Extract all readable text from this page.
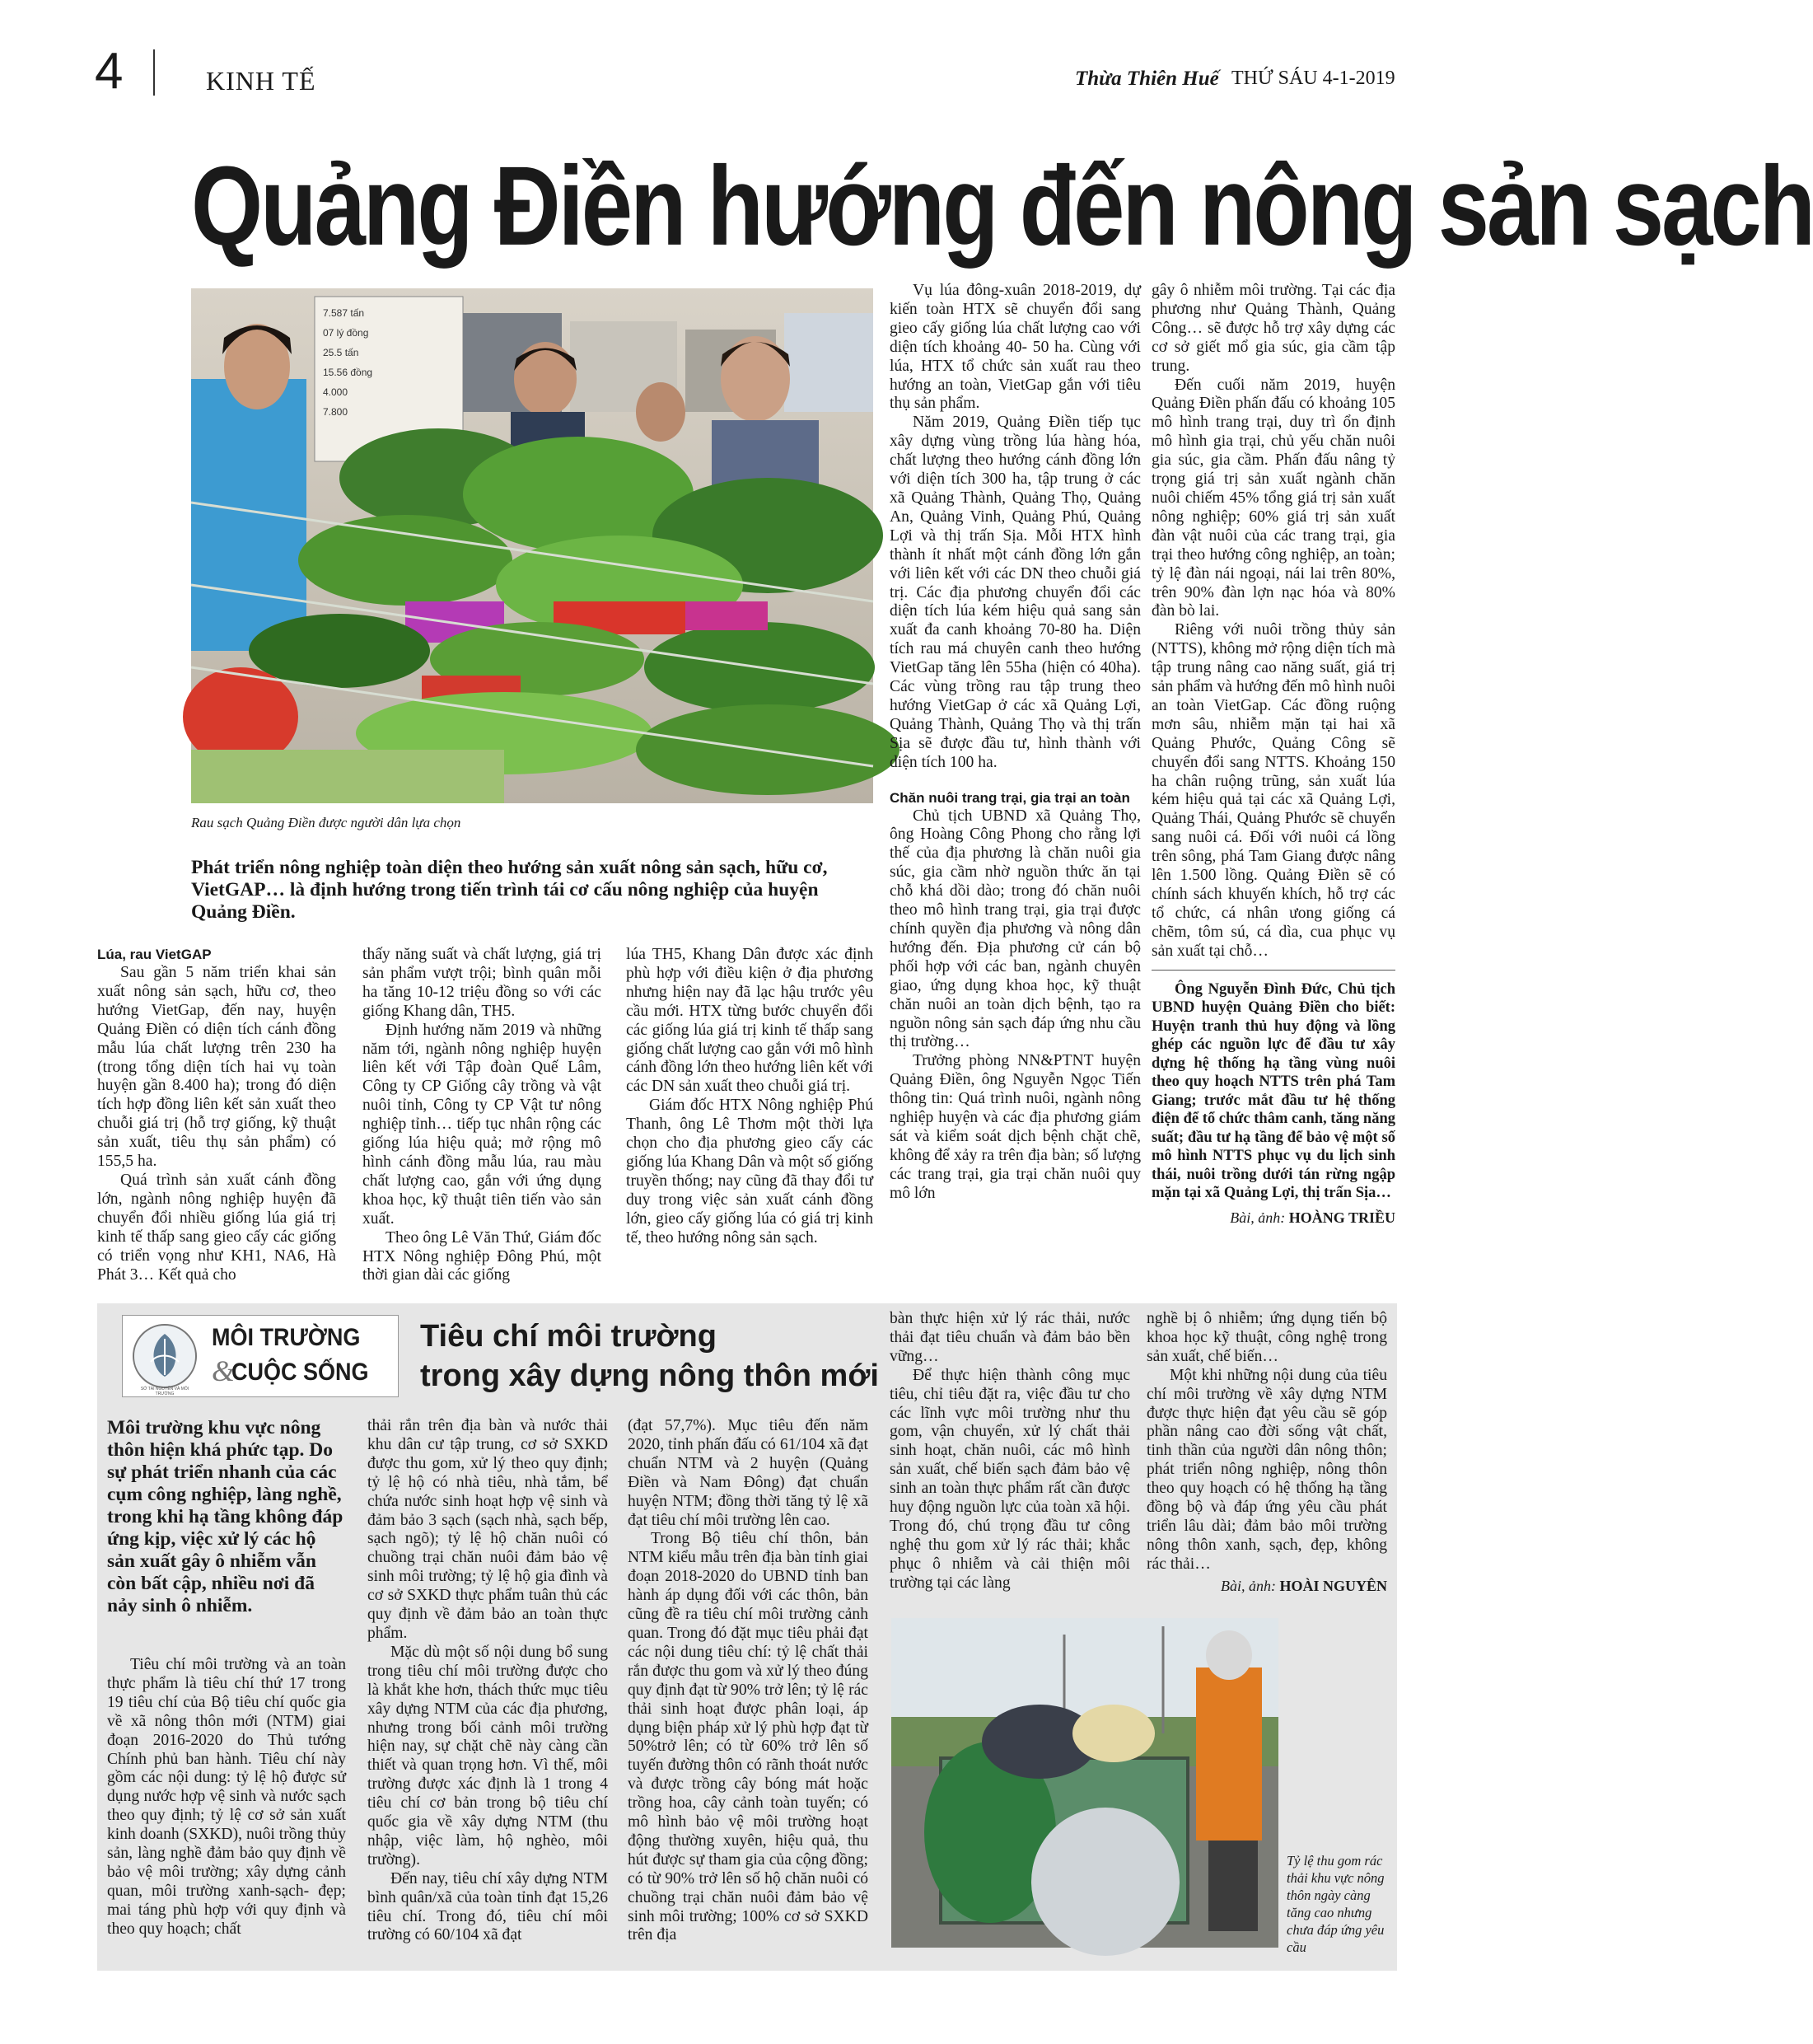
4	KINH TẾ	Thừa Thiên Huế THỨ SÁU 4-1-2019
Quảng Điền hướng đến nông sản sạch
7.587 tấn
07 lý đồng
25.5 tấn
15.56 đồng
4.000
7.800
Rau sạch Quảng Điền được người dân lựa chọn
Phát triển nông nghiệp toàn diện theo hướng sản xuất nông sản sạch, hữu cơ, VietGAP… là định hướng trong tiến trình tái cơ cấu nông nghiệp của huyện Quảng Điền.
Lúa, rau VietGAP

Sau gần 5 năm triển khai sản xuất nông sản sạch, hữu cơ, theo hướng VietGap, đến nay, huyện Quảng Điền có diện tích cánh đồng mẫu lúa chất lượng trên 230 ha (trong tổng diện tích hai vụ toàn huyện gần 8.400 ha); trong đó diện tích hợp đồng liên kết sản xuất theo chuỗi giá trị (hỗ trợ giống, kỹ thuật sản xuất, tiêu thụ sản phẩm) có 155,5 ha.

Quá trình sản xuất cánh đồng lớn, ngành nông nghiệp huyện đã chuyển đổi nhiều giống lúa giá trị kinh tế thấp sang gieo cấy các giống có triển vọng như KH1, NA6, Hà Phát 3… Kết quả cho

thấy năng suất và chất lượng, giá trị sản phẩm vượt trội; bình quân mỗi ha tăng 10-12 triệu đồng so với các giống Khang dân, TH5.

Định hướng năm 2019 và những năm tới, ngành nông nghiệp huyện liên kết với Tập đoàn Quế Lâm, Công ty CP Giống cây trồng và vật nuôi tỉnh, Công ty CP Vật tư nông nghiệp tỉnh… tiếp tục nhân rộng các giống lúa hiệu quả; mở rộng mô hình cánh đồng mẫu lúa, rau màu chất lượng cao, gắn với ứng dụng khoa học, kỹ thuật tiên tiến vào sản xuất.

Theo ông Lê Văn Thứ, Giám đốc HTX Nông nghiệp Đông Phú, một thời gian dài các giống

lúa TH5, Khang Dân được xác định phù hợp với điều kiện ở địa phương nhưng hiện nay đã lạc hậu trước yêu cầu mới. HTX từng bước chuyển đổi các giống lúa giá trị kinh tế thấp sang giống chất lượng cao gắn với mô hình cánh đồng lớn theo hướng liên kết với các DN sản xuất theo chuỗi giá trị.

Giám đốc HTX Nông nghiệp Phú Thanh, ông Lê Thơm một thời lựa chọn cho địa phương gieo cấy các giống lúa Khang Dân và một số giống truyền thống; nay cũng đã thay đổi tư duy trong việc sản xuất cánh đồng lớn, gieo cấy giống lúa có giá trị kinh tế, theo hướng nông sản sạch.

Vụ lúa đông-xuân 2018-2019, dự kiến toàn HTX sẽ chuyển đổi sang gieo cấy giống lúa chất lượng cao với diện tích khoảng 40- 50 ha. Cùng với lúa, HTX tổ chức sản xuất rau theo hướng an toàn, VietGap gắn với tiêu thụ sản phẩm.

Năm 2019, Quảng Điền tiếp tục xây dựng vùng trồng lúa hàng hóa, chất lượng theo hướng cánh đồng lớn với diện tích 300 ha, tập trung ở các xã Quảng Thành, Quảng Thọ, Quảng An, Quảng Vinh, Quảng Phú, Quảng Lợi và thị trấn Sịa. Mỗi HTX hình thành ít nhất một cánh đồng lớn gắn với liên kết với các DN theo chuỗi giá trị. Các địa phương chuyển đổi các diện tích lúa kém hiệu quả sang sản xuất đa canh khoảng 70-80 ha. Diện tích rau má chuyên canh theo hướng VietGap tăng lên 55ha (hiện có 40ha). Các vùng trồng rau tập trung theo hướng VietGap ở các xã Quảng Lợi, Quảng Thành, Quảng Thọ và thị trấn Sịa sẽ được đầu tư, hình thành với diện tích 100 ha.

Chăn nuôi trang trại, gia trại an toàn

Chủ tịch UBND xã Quảng Thọ, ông Hoàng Công Phong cho rằng lợi thế của địa phương là chăn nuôi gia súc, gia cầm nhờ nguồn thức ăn tại chỗ khá dồi dào; trong đó chăn nuôi theo mô hình trang trại, gia trại được chính quyền địa phương và nông dân hướng đến. Địa phương cử cán bộ phối hợp với các ban, ngành chuyên giao, ứng dụng khoa học, kỹ thuật chăn nuôi an toàn dịch bệnh, tạo ra nguồn nông sản sạch đáp ứng nhu cầu thị trường…

Trưởng phòng NN&PTNT huyện Quảng Điền, ông Nguyễn Ngọc Tiến thông tin: Quá trình nuôi, ngành nông nghiệp huyện và các địa phương giám sát và kiểm soát dịch bệnh chặt chẽ, không để xảy ra trên địa bàn; số lượng các trang trại, gia trại chăn nuôi quy mô lớn

gây ô nhiễm môi trường. Tại các địa phương như Quảng Thành, Quảng Công… sẽ được hỗ trợ xây dựng các cơ sở giết mổ gia súc, gia cầm tập trung.

Đến cuối năm 2019, huyện Quảng Điền phấn đấu có khoảng 105 mô hình trang trại, duy trì ổn định mô hình gia trại, chủ yếu chăn nuôi gia súc, gia cầm. Phấn đấu nâng tỷ trọng giá trị sản xuất ngành chăn nuôi chiếm 45% tổng giá trị sản xuất nông nghiệp; 60% giá trị sản xuất đàn vật nuôi của các trang trại, gia trại theo hướng công nghiệp, an toàn; tỷ lệ đàn nái ngoại, nái lai trên 80%, trên 90% đàn lợn nạc hóa và 80% đàn bò lai.

Riêng với nuôi trồng thủy sản (NTTS), không mở rộng diện tích mà tập trung nâng cao năng suất, giá trị sản phẩm và hướng đến mô hình nuôi an toàn VietGap. Các đồng ruộng mơn sâu, nhiễm mặn tại hai xã Quảng Phước, Quảng Công sẽ chuyển đổi sang NTTS. Khoảng 150 ha chân ruộng trũng, sản xuất lúa kém hiệu quả tại các xã Quảng Lợi, Quảng Thái, Quảng Phước sẽ chuyển sang nuôi cá. Đối với nuôi cá lồng trên sông, phá Tam Giang được nâng lên 1.500 lồng. Quảng Điền sẽ có chính sách khuyến khích, hỗ trợ các tổ chức, cá nhân ưong giống cá chẽm, tôm sú, cá dìa, cua phục vụ sản xuất tại chỗ…

Ông Nguyễn Đình Đức, Chủ tịch UBND huyện Quảng Điền cho biết: Huyện tranh thủ huy động và lồng ghép các nguồn lực để đầu tư xây dựng hệ thống hạ tầng vùng nuôi theo quy hoạch NTTS trên phá Tam Giang; trước mắt đầu tư hệ thống điện để tổ chức thâm canh, tăng năng suất; đầu tư hạ tầng để bảo vệ một số mô hình NTTS phục vụ du lịch sinh thái, nuôi trồng dưới tán rừng ngập mặn tại xã Quảng Lợi, thị trấn Sịa…

Bài, ảnh: HOÀNG TRIỀU
SỞ TÀI NGUYÊN VÀ MÔI TRƯỜNG
MÔI TRƯỜNG
&
CUỘC SỐNG
Tiêu chí môi trường
trong xây dựng nông thôn mới
Môi trường khu vực nông thôn hiện khá phức tạp. Do sự phát triển nhanh của các cụm công nghiệp, làng nghề, trong khi hạ tầng không đáp ứng kịp, việc xử lý các hộ sản xuất gây ô nhiễm vẫn còn bất cập, nhiều nơi đã nảy sinh ô nhiễm.

Tiêu chí môi trường và an toàn thực phẩm là tiêu chí thứ 17 trong 19 tiêu chí của Bộ tiêu chí quốc gia về xã nông thôn mới (NTM) giai đoạn 2016-2020 do Thủ tướng Chính phủ ban hành. Tiêu chí này gồm các nội dung: tỷ lệ hộ được sử dụng nước hợp vệ sinh và nước sạch theo quy định; tỷ lệ cơ sở sản xuất kinh doanh (SXKD), nuôi trồng thủy sản, làng nghề đảm bảo quy định về bảo vệ môi trường; xây dựng cảnh quan, môi trường xanh-sạch- đẹp; mai táng phù hợp với quy định và theo quy hoạch; chất

thải rắn trên địa bàn và nước thải khu dân cư tập trung, cơ sở SXKD được thu gom, xử lý theo quy định; tỷ lệ hộ có nhà tiêu, nhà tắm, bể chứa nước sinh hoạt hợp vệ sinh và đảm bảo 3 sạch (sạch nhà, sạch bếp, sạch ngõ); tỷ lệ hộ chăn nuôi có chuồng trại chăn nuôi đảm bảo vệ sinh môi trường; tỷ lệ hộ gia đình và cơ sở SXKD thực phẩm tuân thủ các quy định về đảm bảo an toàn thực phẩm.

Mặc dù một số nội dung bổ sung trong tiêu chí môi trường được cho là khắt khe hơn, thách thức mục tiêu xây dựng NTM của các địa phương, nhưng trong bối cảnh môi trường hiện nay, sự chặt chẽ này càng cần thiết và quan trọng hơn. Vì thế, môi trường được xác định là 1 trong 4 tiêu chí cơ bản trong bộ tiêu chí quốc gia về xây dựng NTM (thu nhập, việc làm, hộ nghèo, môi trường).

Đến nay, tiêu chí xây dựng NTM bình quân/xã của toàn tỉnh đạt 15,26 tiêu chí. Trong đó, tiêu chí môi trường có 60/104 xã đạt

(đạt 57,7%). Mục tiêu đến năm 2020, tỉnh phấn đấu có 61/104 xã đạt chuẩn NTM và 2 huyện (Quảng Điền và Nam Đông) đạt chuẩn huyện NTM; đồng thời tăng tỷ lệ xã đạt tiêu chí môi trường lên cao.

Trong Bộ tiêu chí thôn, bản NTM kiểu mẫu trên địa bàn tỉnh giai đoạn 2018-2020 do UBND tỉnh ban hành áp dụng đối với các thôn, bản cũng đề ra tiêu chí môi trường cảnh quan. Trong đó đặt mục tiêu phải đạt các nội dung tiêu chí: tỷ lệ chất thải rắn được thu gom và xử lý theo đúng quy định đạt từ 90% trở lên; tỷ lệ rác thải sinh hoạt được phân loại, áp dụng biện pháp xử lý phù hợp đạt từ 50%trở lên; có từ 60% trở lên số tuyến đường thôn có rãnh thoát nước và được trồng cây bóng mát hoặc trồng hoa, cây cảnh toàn tuyến; có mô hình bảo vệ môi trường hoạt động thường xuyên, hiệu quả, thu hút được sự tham gia của cộng đồng; có từ 90% trở lên số hộ chăn nuôi có chuồng trại chăn nuôi đảm bảo vệ sinh môi trường; 100% cơ sở SXKD trên địa

bàn thực hiện xử lý rác thải, nước thải đạt tiêu chuẩn và đảm bảo bền vững…

Để thực hiện thành công mục tiêu, chỉ tiêu đặt ra, việc đầu tư cho các lĩnh vực môi trường như thu gom, vận chuyển, xử lý chất thải sinh hoạt, chăn nuôi, các mô hình sản xuất, chế biến sạch đảm bảo vệ sinh an toàn thực phẩm rất cần được huy động nguồn lực của toàn xã hội. Trong đó, chú trọng đầu tư công nghệ thu gom xử lý rác thải; khắc phục ô nhiễm và cải thiện môi trường tại các làng

nghề bị ô nhiễm; ứng dụng tiến bộ khoa học kỹ thuật, công nghệ trong sản xuất, chế biến…

Một khi những nội dung của tiêu chí môi trường về xây dựng NTM được thực hiện đạt yêu cầu sẽ góp phần nâng cao đời sống vật chất, tinh thần của người dân nông thôn; phát triển nông nghiệp, nông thôn theo quy hoạch có hệ thống hạ tầng đồng bộ và đáp ứng yêu cầu phát triển lâu dài; đảm bảo môi trường nông thôn xanh, sạch, đẹp, không rác thải…

Bài, ảnh: HOÀI NGUYÊN
Tỷ lệ thu gom rác thải khu vực nông thôn ngày càng tăng cao nhưng chưa đáp ứng yêu cầu
